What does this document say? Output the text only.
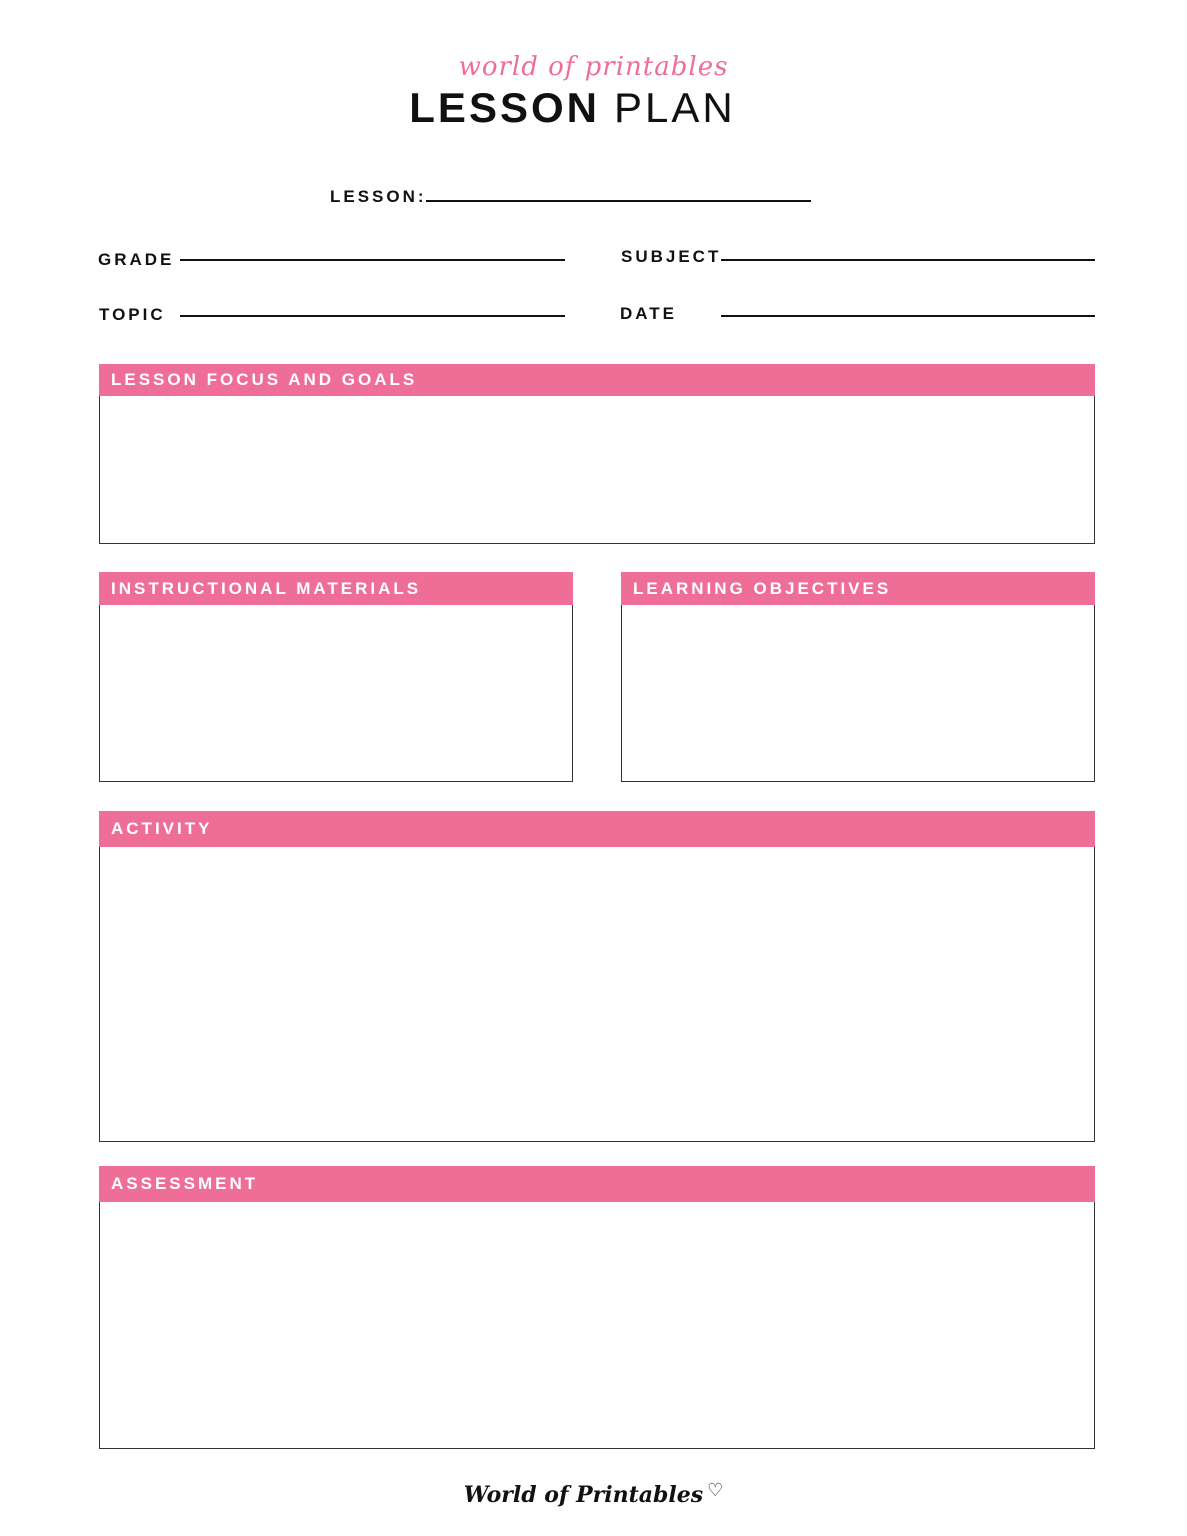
world of printables
LESSON PLAN
LESSON:
GRADE	SUBJECT
TOPIC	DATE
LESSON FOCUS AND GOALS
INSTRUCTIONAL MATERIALS	LEARNING OBJECTIVES
ACTIVITY
ASSESSMENT
World of Printables ♡
